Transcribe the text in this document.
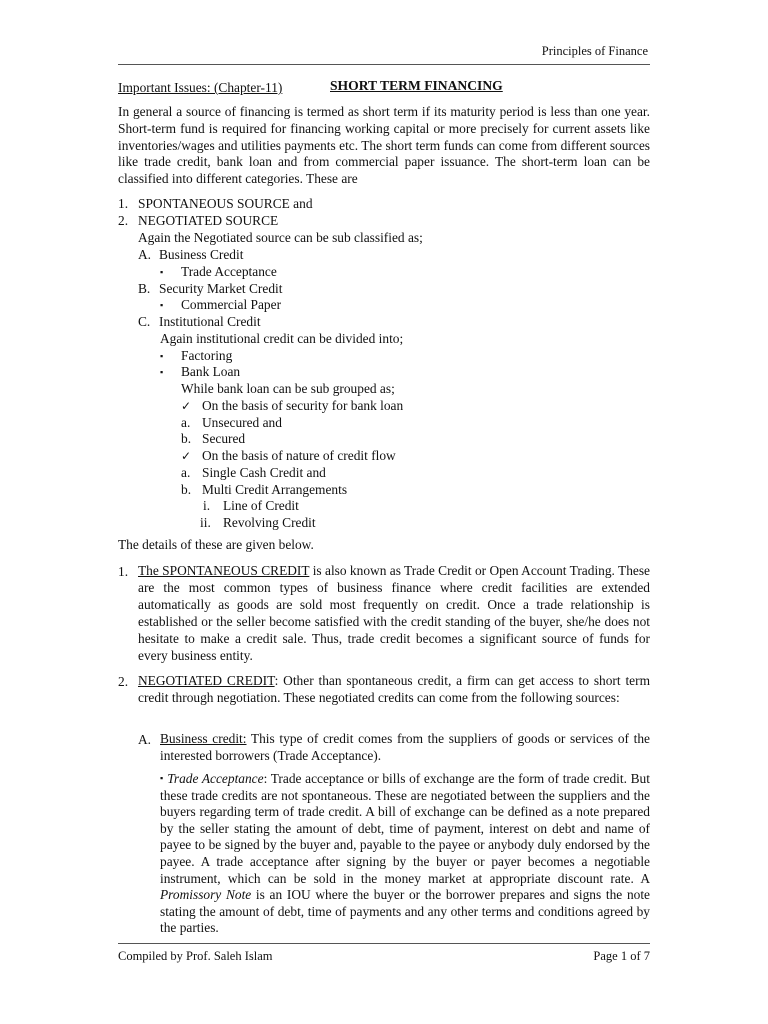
Principles of Finance
Important Issues: (Chapter-11)	SHORT TERM FINANCING
In general a source of financing is termed as short term if its maturity period is less than one year. Short-term fund is required for financing working capital or more precisely for current assets like inventories/wages and utilities payments etc. The short term funds can come from different sources like trade credit, bank loan and from commercial paper issuance. The short-term loan can be classified into different categories. These are
1. SPONTANEOUS SOURCE and
2. NEGOTIATED SOURCE
Again the Negotiated source can be sub classified as;
A. Business Credit
▪ Trade Acceptance
B. Security Market Credit
▪ Commercial Paper
C. Institutional Credit
Again institutional credit can be divided into;
▪ Factoring
▪ Bank Loan
While bank loan can be sub grouped as;
✓ On the basis of security for bank loan
a. Unsecured and
b. Secured
✓ On the basis of nature of credit flow
a. Single Cash Credit and
b. Multi Credit Arrangements
i. Line of Credit
ii. Revolving Credit
The details of these are given below.
1. The SPONTANEOUS CREDIT is also known as Trade Credit or Open Account Trading. These are the most common types of business finance where credit facilities are extended automatically as goods are sold most frequently on credit. Once a trade relationship is established or the seller become satisfied with the credit standing of the buyer, she/he does not hesitate to make a credit sale. Thus, trade credit becomes a significant source of funds for every business entity.
2. NEGOTIATED CREDIT: Other than spontaneous credit, a firm can get access to short term credit through negotiation. These negotiated credits can come from the following sources:
A. Business credit: This type of credit comes from the suppliers of goods or services of the interested borrowers (Trade Acceptance).
▪ Trade Acceptance: Trade acceptance or bills of exchange are the form of trade credit. But these trade credits are not spontaneous. These are negotiated between the suppliers and the buyers regarding term of trade credit. A bill of exchange can be defined as a note prepared by the seller stating the amount of debt, time of payment, interest on debt and name of payee to be signed by the buyer and, payable to the payee or anybody duly endorsed by the payee. A trade acceptance after signing by the buyer or payer becomes a negotiable instrument, which can be sold in the money market at appropriate discount rate. A Promissory Note is an IOU where the buyer or the borrower prepares and signs the note stating the amount of debt, time of payments and any other terms and conditions agreed by the parties.
Compiled by Prof. Saleh Islam	Page 1 of 7
